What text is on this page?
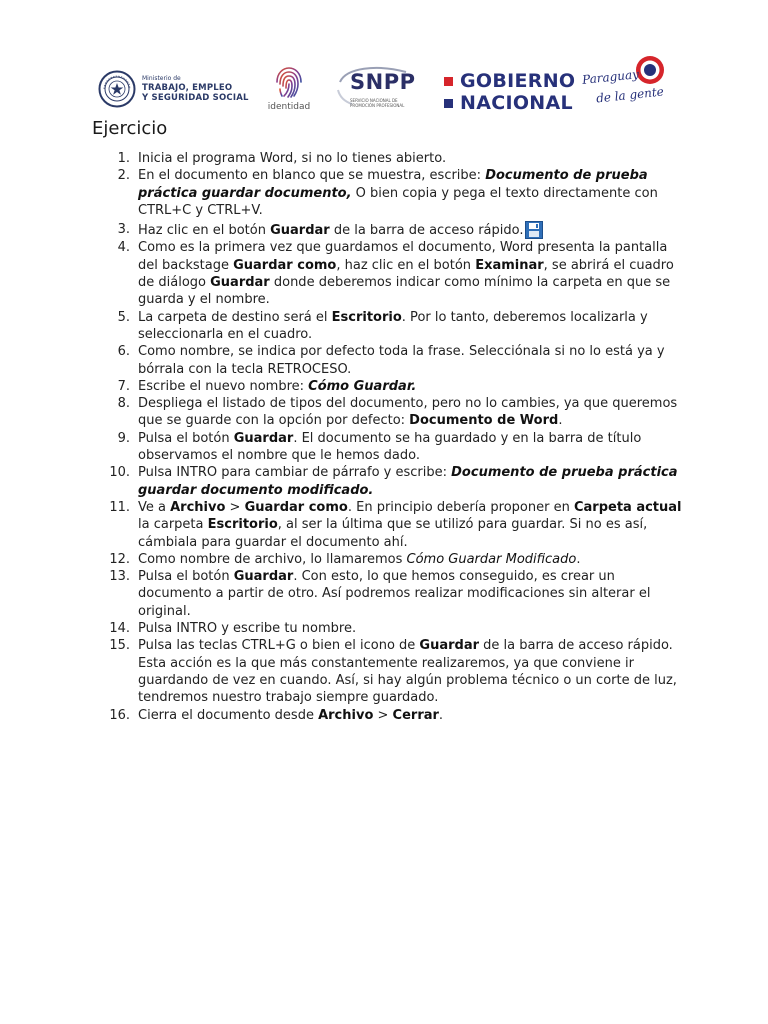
Ministerio de
TRABAJO, EMPLEO
Y SEGURIDAD SOCIAL
identidad
SNPP
SERVICIO NACIONAL DE PROMOCIÓN PROFESIONAL
GOBIERNO
NACIONAL
Paraguay
de la gente
Ejercicio
1. Inicia el programa Word, si no lo tienes abierto.
2. En el documento en blanco que se muestra, escribe: Documento de prueba práctica guardar documento, O bien copia y pega el texto directamente con CTRL+C y CTRL+V.
3. Haz clic en el botón Guardar de la barra de acceso rápido.
4. Como es la primera vez que guardamos el documento, Word presenta la pantalla del backstage Guardar como, haz clic en el botón Examinar, se abrirá el cuadro de diálogo Guardar donde deberemos indicar como mínimo la carpeta en que se guarda y el nombre.
5. La carpeta de destino será el Escritorio. Por lo tanto, deberemos localizarla y seleccionarla en el cuadro.
6. Como nombre, se indica por defecto toda la frase. Selecciónala si no lo está ya y bórrala con la tecla RETROCESO.
7. Escribe el nuevo nombre: Cómo Guardar.
8. Despliega el listado de tipos del documento, pero no lo cambies, ya que queremos que se guarde con la opción por defecto: Documento de Word.
9. Pulsa el botón Guardar. El documento se ha guardado y en la barra de título observamos el nombre que le hemos dado.
10. Pulsa INTRO para cambiar de párrafo y escribe: Documento de prueba práctica guardar documento modificado.
11. Ve a Archivo > Guardar como. En principio debería proponer en Carpeta actual la carpeta Escritorio, al ser la última que se utilizó para guardar. Si no es así, cámbiala para guardar el documento ahí.
12. Como nombre de archivo, lo llamaremos Cómo Guardar Modificado.
13. Pulsa el botón Guardar. Con esto, lo que hemos conseguido, es crear un documento a partir de otro. Así podremos realizar modificaciones sin alterar el original.
14. Pulsa INTRO y escribe tu nombre.
15. Pulsa las teclas CTRL+G o bien el icono de Guardar de la barra de acceso rápido. Esta acción es la que más constantemente realizaremos, ya que conviene ir guardando de vez en cuando. Así, si hay algún problema técnico o un corte de luz, tendremos nuestro trabajo siempre guardado.
16. Cierra el documento desde Archivo > Cerrar.
